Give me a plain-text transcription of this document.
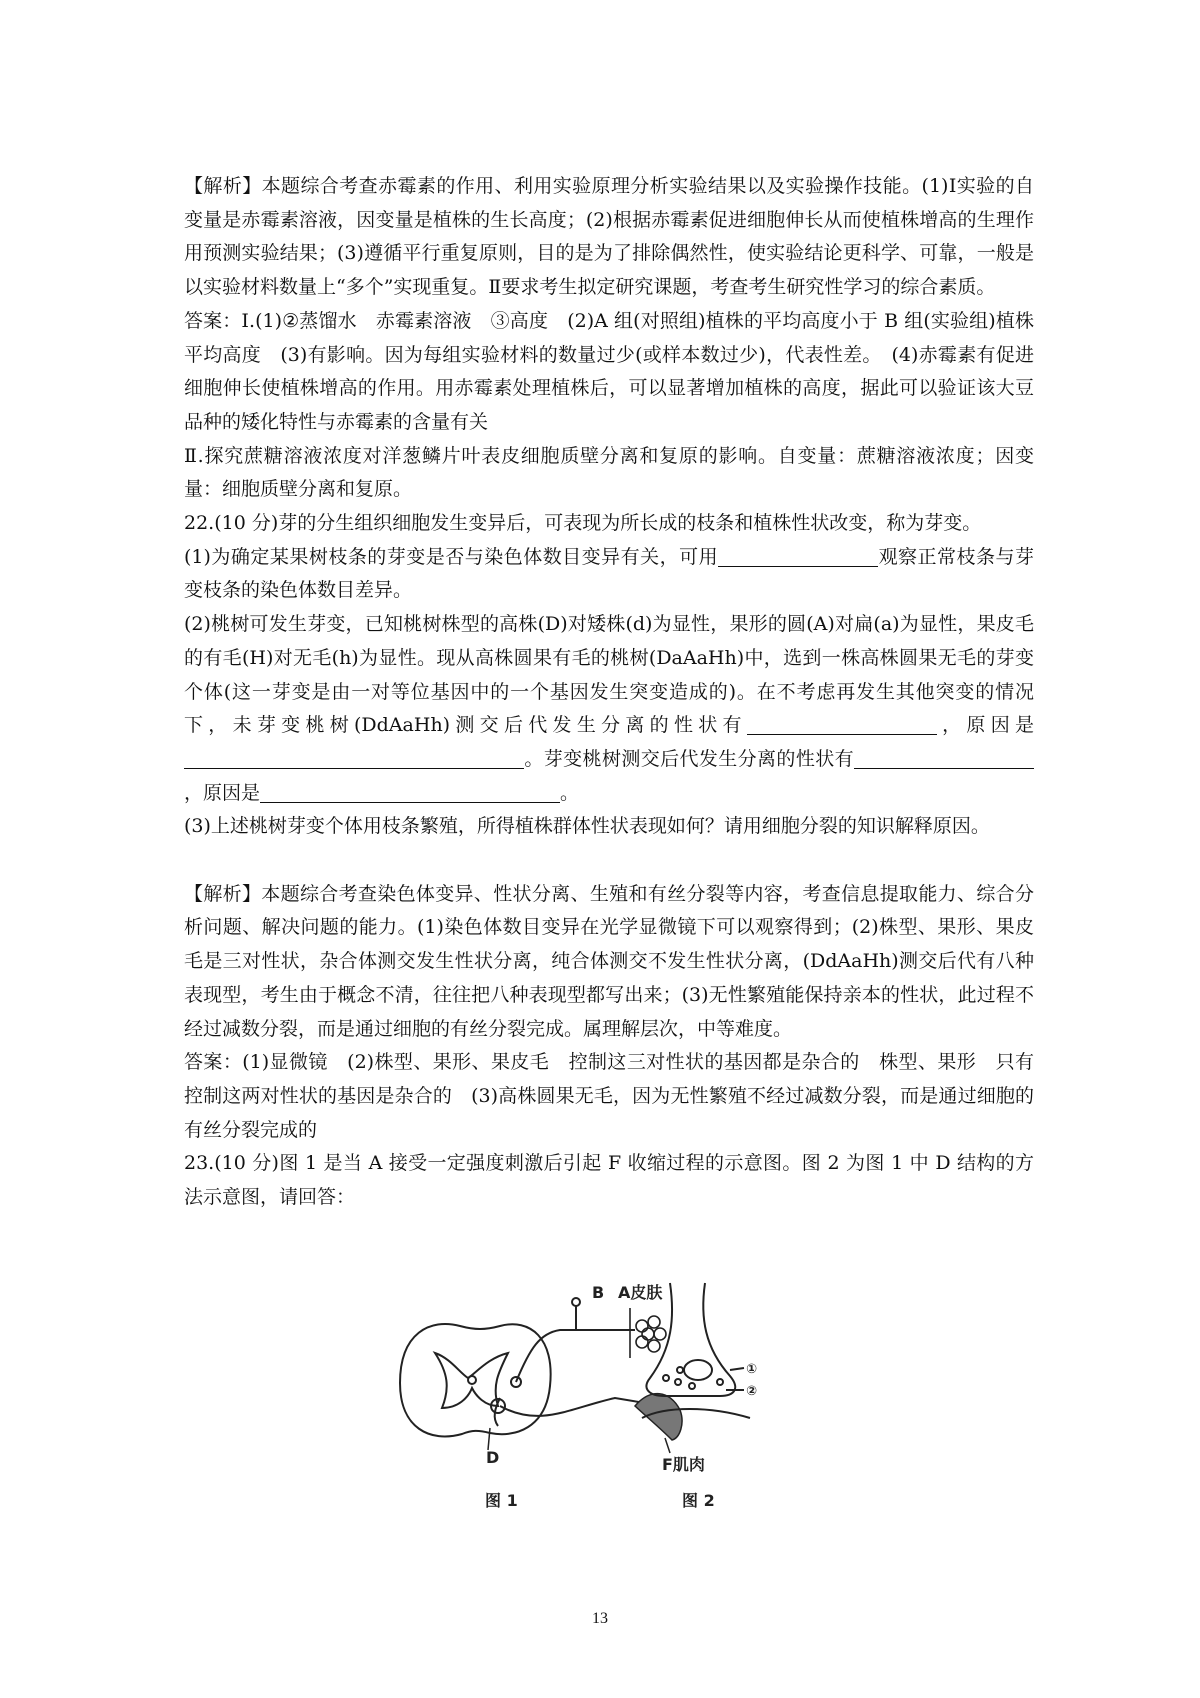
【解析】本题综合考查赤霉素的作用、利用实验原理分析实验结果以及实验操作技能。(1)Ⅰ实验的自变量是赤霉素溶液，因变量是植株的生长高度；(2)根据赤霉素促进细胞伸长从而使植株增高的生理作用预测实验结果；(3)遵循平行重复原则，目的是为了排除偶然性，使实验结论更科学、可靠，一般是以实验材料数量上“多个”实现重复。Ⅱ要求考生拟定研究课题，考查考生研究性学习的综合素质。

答案：Ⅰ.(1)②蒸馏水　赤霉素溶液　③高度　(2)A 组(对照组)植株的平均高度小于 B 组(实验组)植株平均高度　(3)有影响。因为每组实验材料的数量过少(或样本数过少)，代表性差。　(4)赤霉素有促进细胞伸长使植株增高的作用。用赤霉素处理植株后，可以显著增加植株的高度，据此可以验证该大豆品种的矮化特性与赤霉素的含量有关

Ⅱ.探究蔗糖溶液浓度对洋葱鳞片叶表皮细胞质壁分离和复原的影响。自变量：蔗糖溶液浓度；因变量：细胞质壁分离和复原。

22.(10 分)芽的分生组织细胞发生变异后，可表现为所长成的枝条和植株性状改变，称为芽变。

(1)为确定某果树枝条的芽变是否与染色体数目变异有关，可用	观察正常枝条与芽变枝条的染色体数目差异。

(2)桃树可发生芽变，已知桃树株型的高株(D)对矮株(d)为显性，果形的圆(A)对扁(a)为显性，果皮毛的有毛(H)对无毛(h)为显性。现从高株圆果有毛的桃树(DaAaHh)中，选到一株高株圆果无毛的芽变个体(这一芽变是由一对等位基因中的一个基因发生突变造成的)。在不考虑再发生其他突变的情况下，未芽变桃树(DdAaHh)测交后代发生分离的性状有	，原因是。芽变桃树测交后代发生分离的性状有，原因是	。

(3)上述桃树芽变个体用枝条繁殖，所得植株群体性状表现如何？请用细胞分裂的知识解释原因。

【解析】本题综合考查染色体变异、性状分离、生殖和有丝分裂等内容，考查信息提取能力、综合分析问题、解决问题的能力。(1)染色体数目变异在光学显微镜下可以观察得到；(2)株型、果形、果皮毛是三对性状，杂合体测交发生性状分离，纯合体测交不发生性状分离，(DdAaHh)测交后代有八种表现型，考生由于概念不清，往往把八种表现型都写出来；(3)无性繁殖能保持亲本的性状，此过程不经过减数分裂，而是通过细胞的有丝分裂完成。属理解层次，中等难度。

答案：(1)显微镜　(2)株型、果形、果皮毛　控制这三对性状的基因都是杂合的　株型、果形　只有控制这两对性状的基因是杂合的　(3)高株圆果无毛，因为无性繁殖不经过减数分裂，而是通过细胞的有丝分裂完成的

23.(10 分)图 1 是当 A 接受一定强度刺激后引起 F 收缩过程的示意图。图 2 为图 1 中 D 结构的方法示意图，请回答：

B A皮肤
D	F肌肉
图 1	图 2
①
②
13
